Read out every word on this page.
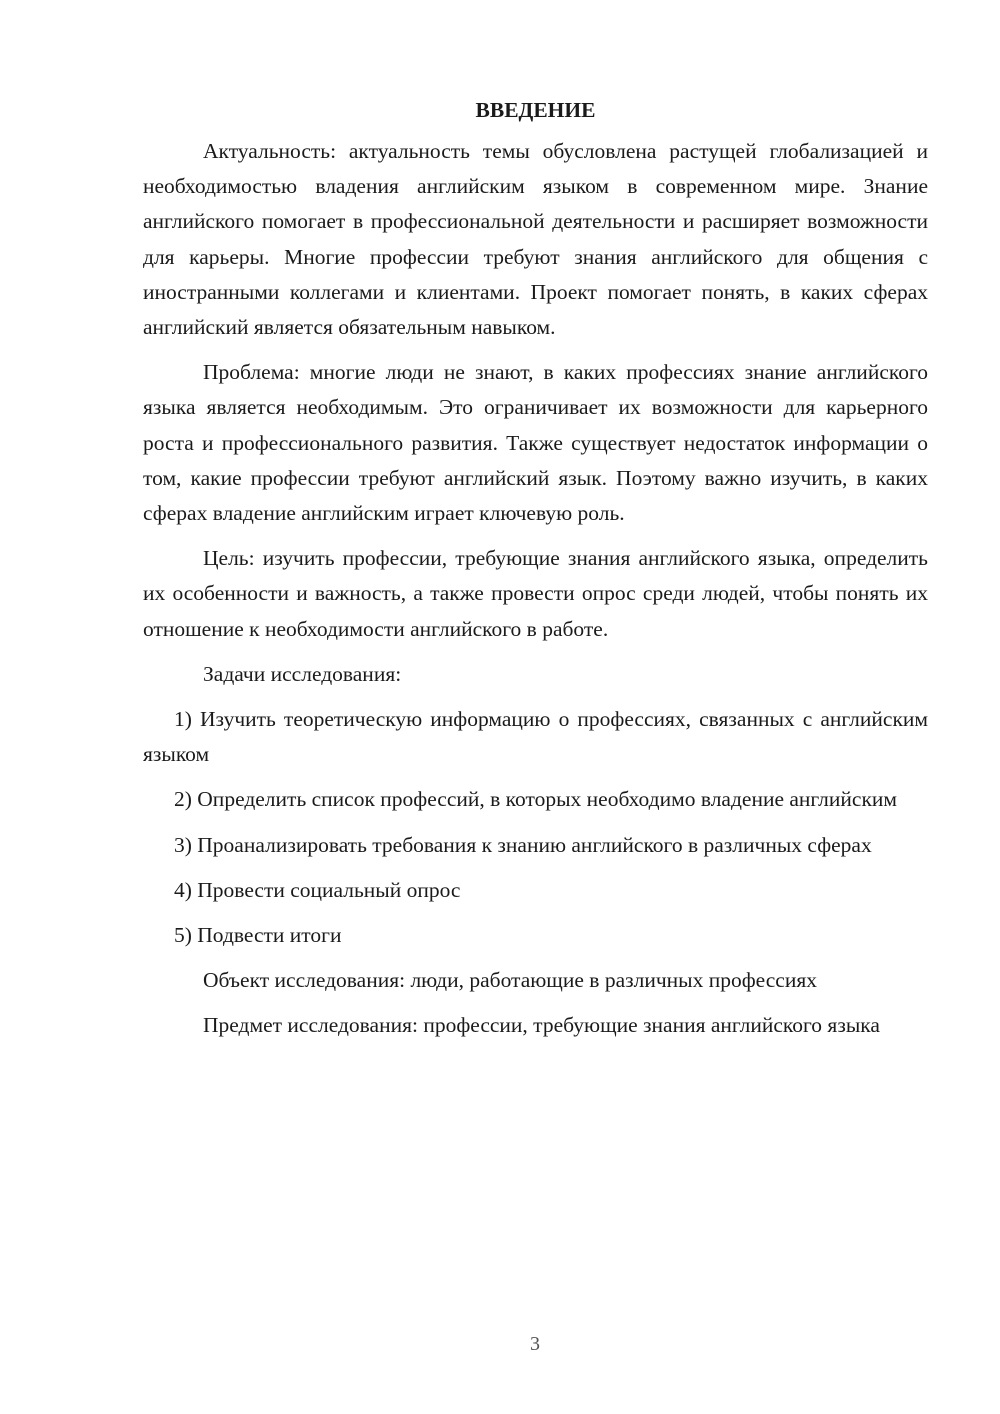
ВВЕДЕНИЕ

Актуальность: актуальность темы обусловлена растущей глобализацией и необходимостью владения английским языком в современном мире. Знание английского помогает в профессиональной деятельности и расширяет возможности для карьеры. Многие профессии требуют знания английского для общения с иностранными коллегами и клиентами. Проект помогает понять, в каких сферах английский является обязательным навыком.

Проблема: многие люди не знают, в каких профессиях знание английского языка является необходимым. Это ограничивает их возможности для карьерного роста и профессионального развития. Также существует недостаток информации о том, какие профессии требуют английский язык. Поэтому важно изучить, в каких сферах владение английским играет ключевую роль.

Цель: изучить профессии, требующие знания английского языка, определить их особенности и важность, а также провести опрос среди людей, чтобы понять их отношение к необходимости английского в работе.

Задачи исследования:

1) Изучить теоретическую информацию о профессиях, связанных с английским языком

2) Определить список профессий, в которых необходимо владение английским

3) Проанализировать требования к знанию английского в различных сферах

4) Провести социальный опрос

5) Подвести итоги

Объект исследования: люди, работающие в различных профессиях

Предмет исследования: профессии, требующие знания английского языка

3
